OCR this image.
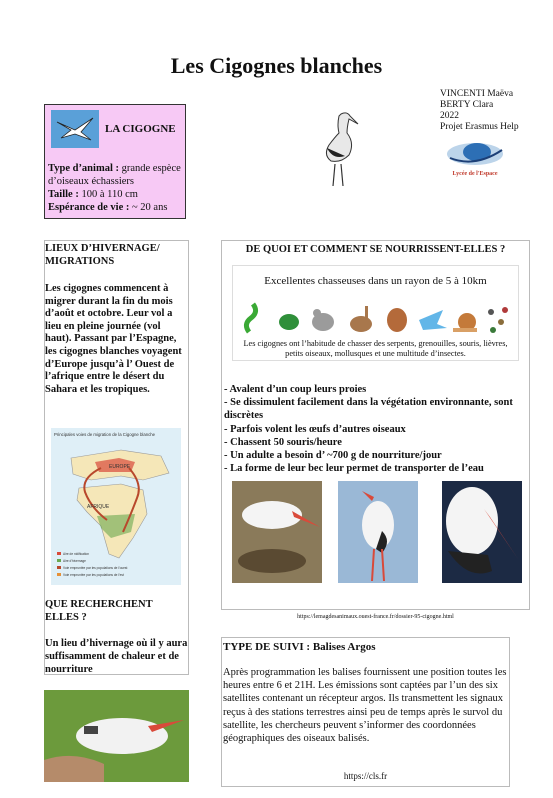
Les Cigognes blanches
VINCENTI Maëva
BERTY Clara
2022
Projet Erasmus Help
Lycée de l'Espace
LA CIGOGNE
Type d’animal : grande espèce d’oiseaux échassiers
Taille : 100 à 110 cm
Espérance de vie : ~ 20 ans
LIEUX D’HIVERNAGE/ MIGRATIONS
Les cigognes commencent à migrer durant la fin du mois d’août et octobre. Leur vol a lieu en pleine journée (vol haut). Passant par l’Espagne, les cigognes blanches voyagent d’Europe jusqu’à l’ Ouest de l’afrique entre le désert du Sahara et les tropiques.
Principales voies de migration de la Cigogne blanche
EUROPE
AFRIQUE
Aire de nidification
Aire d'hivernage
Voie empruntée par les populations de l'ouest
Voie empruntée par les populations de l'est
QUE RECHERCHENT ELLES ?
Un lieu d’hivernage où il y aura suffisamment de chaleur et de nourriture
DE QUOI ET COMMENT SE NOURRISSENT-ELLES ?
Excellentes chasseuses dans un rayon de 5 à 10km
Les cigognes ont l’habitude de chasser des serpents, grenouilles, souris, lièvres, petits oiseaux, mollusques et une multitude d’insectes.
- Avalent d’un coup leurs proies
- Se dissimulent facilement dans la végétation environnante, sont discrètes
- Parfois volent les œufs d’autres oiseaux
- Chassent 50 souris/heure
- Un adulte a besoin d’ ~700 g de nourriture/jour
- La forme de leur bec leur permet de transporter de l’eau
https://lemagdesanimaux.ouest-france.fr/dossier-95-cigogne.html
TYPE DE SUIVI : Balises Argos
Après programmation les balises fournissent une position toutes les heures entre 6 et 21H. Les émissions sont captées par l’un des six satellites contenant un récepteur argos. Ils transmettent les signaux reçus à des stations terrestres ainsi peu de temps après le survol du satellite, les chercheurs peuvent s’informer des coordonnées géographiques des oiseaux balisés.
https://cls.fr
